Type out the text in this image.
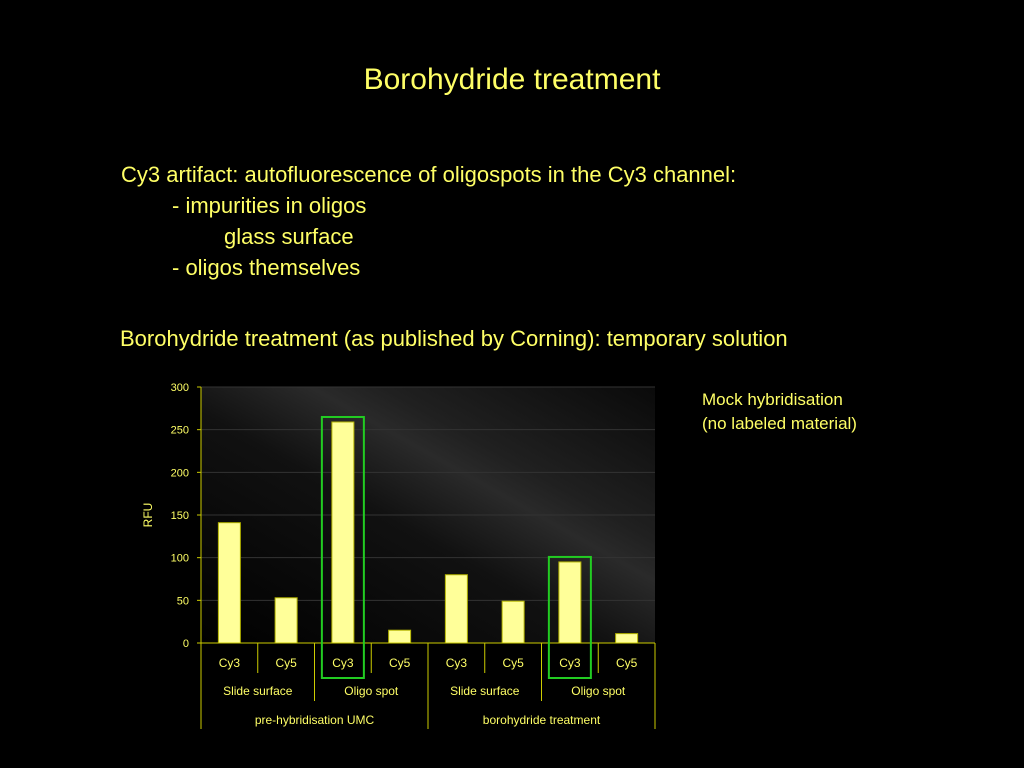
Borohydride treatment
Cy3 artifact: autofluorescence of oligospots in the Cy3 channel:
- impurities in oligos
glass surface
- oligos themselves
Borohydride treatment (as published by Corning): temporary solution
Mock hybridisation
(no labeled material)
0
50
100
150
200
250
300
RFU
Cy3	Cy5	Cy3	Cy5	Cy3	Cy5	Cy3	Cy5
Slide surface	Oligo spot	Slide surface	Oligo spot
pre-hybridisation UMC	borohydride treatment
